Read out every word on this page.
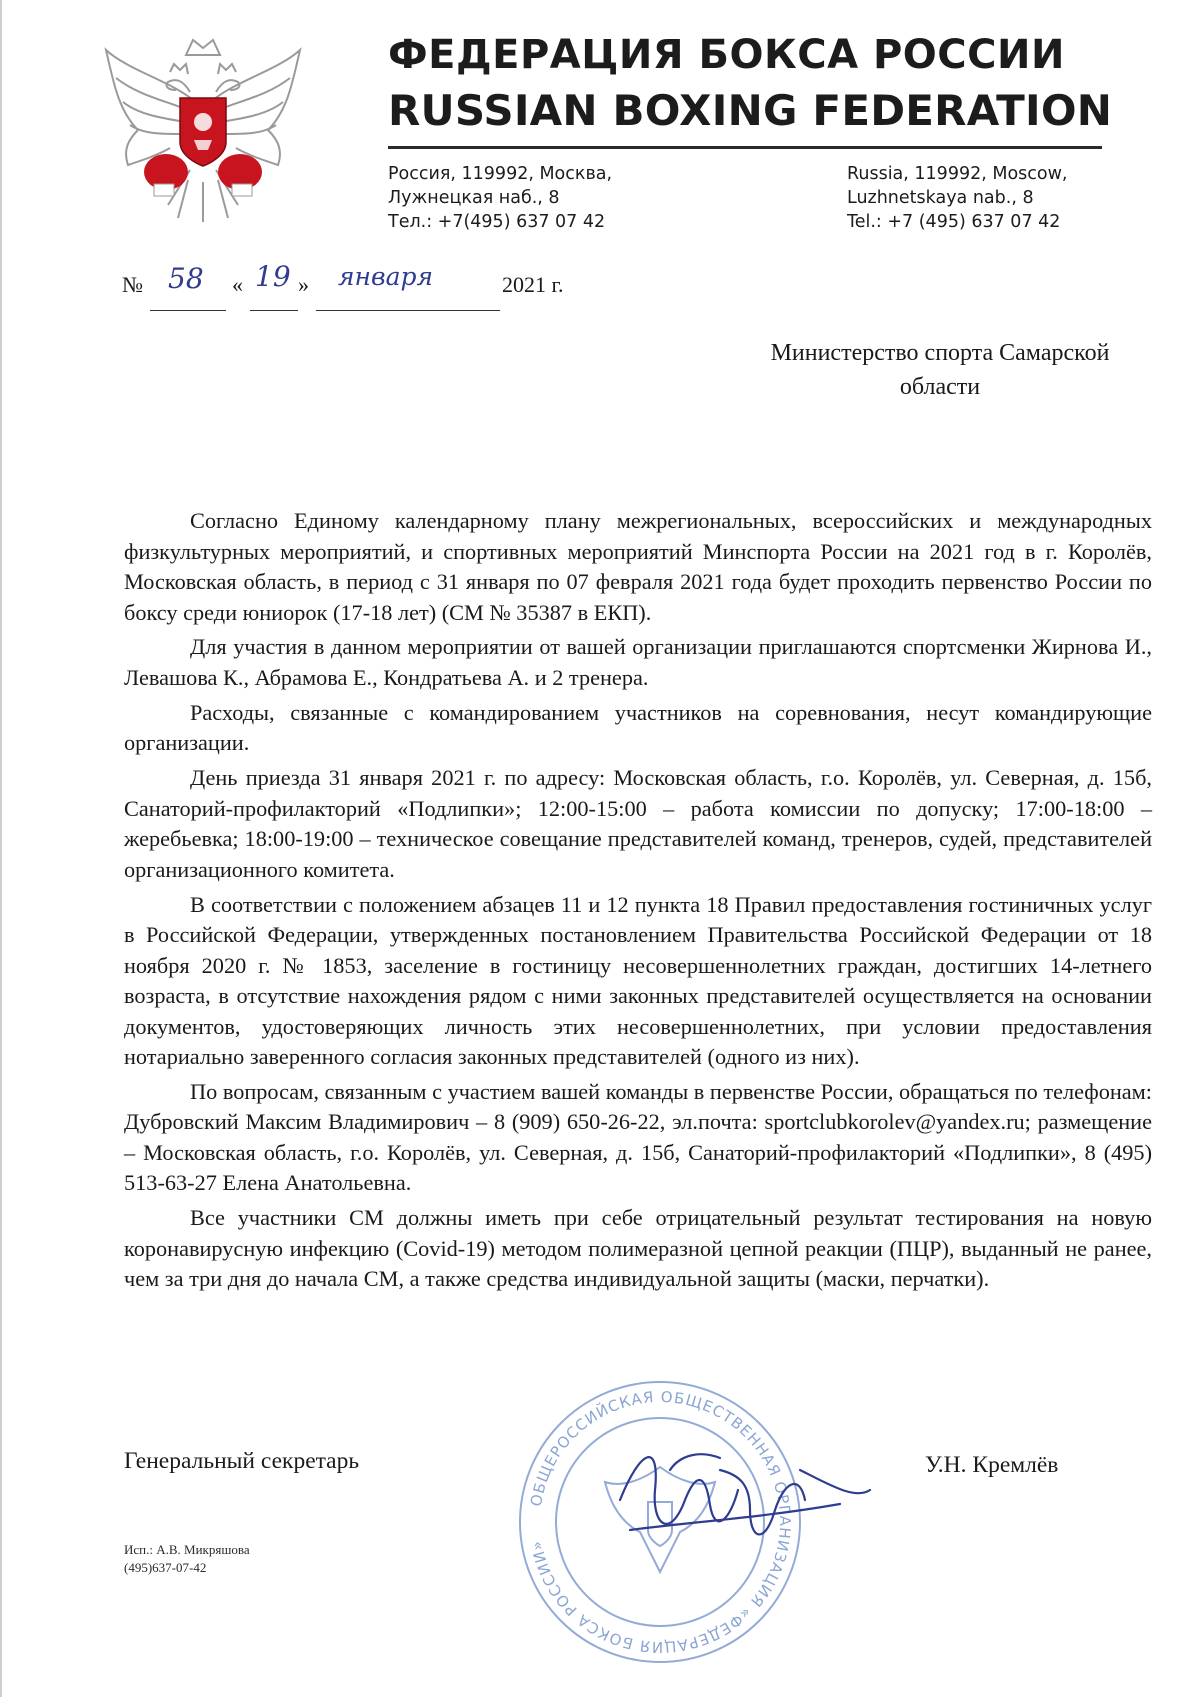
ФЕДЕРАЦИЯ БОКСА РОССИИ
RUSSIAN BOXING FEDERATION
Россия, 119992, Москва,
Лужнецкая наб., 8
Тел.: +7(495) 637 07 42
Russia, 119992, Moscow,
Luzhnetskaya nab., 8
Tel.: +7 (495) 637 07 42
№ 58 « 19 » января	2021 г.
Министерство спорта Самарской
области

Согласно Единому календарному плану межрегиональных, всероссийских и международных физкультурных мероприятий, и спортивных мероприятий Минспорта России на 2021 год в г. Королёв, Московская область, в период с 31 января по 07 февраля 2021 года будет проходить первенство России по боксу среди юниорок (17-18 лет) (СМ № 35387 в ЕКП).

Для участия в данном мероприятии от вашей организации приглашаются спортсменки Жирнова И., Левашова К., Абрамова Е., Кондратьева А. и 2 тренера.

Расходы, связанные с командированием участников на соревнования, несут командирующие организации.

День приезда 31 января 2021 г. по адресу: Московская область, г.о. Королёв, ул. Северная, д. 15б, Санаторий-профилакторий «Подлипки»; 12:00-15:00 – работа комиссии по допуску; 17:00-18:00 – жеребьевка; 18:00-19:00 – техническое совещание представителей команд, тренеров, судей, представителей организационного комитета.

В соответствии с положением абзацев 11 и 12 пункта 18 Правил предоставления гостиничных услуг в Российской Федерации, утвержденных постановлением Правительства Российской Федерации от 18 ноября 2020 г. № 1853, заселение в гостиницу несовершеннолетних граждан, достигших 14-летнего возраста, в отсутствие нахождения рядом с ними законных представителей осуществляется на основании документов, удостоверяющих личность этих несовершеннолетних, при условии предоставления нотариально заверенного согласия законных представителей (одного из них).

По вопросам, связанным с участием вашей команды в первенстве России, обращаться по телефонам: Дубровский Максим Владимирович – 8 (909) 650-26-22, эл.почта: sportclubkorolev@yandex.ru; размещение – Московская область, г.о. Королёв, ул. Северная, д. 15б, Санаторий-профилакторий «Подлипки», 8 (495) 513-63-27 Елена Анатольевна.

Все участники СМ должны иметь при себе отрицательный результат тестирования на новую коронавирусную инфекцию (Covid-19) методом полимеразной цепной реакции (ПЦР), выданный не ранее, чем за три дня до начала СМ, а также средства индивидуальной защиты (маски, перчатки).

ОБЩЕРОССИЙСКАЯ ОБЩЕСТВЕННАЯ ОРГАНИЗАЦИЯ «ФЕДЕРАЦИЯ БОКСА РОССИИ»
Генеральный секретарь	У.Н. Кремлёв
Исп.: А.В. Микряшова
(495)637-07-42
